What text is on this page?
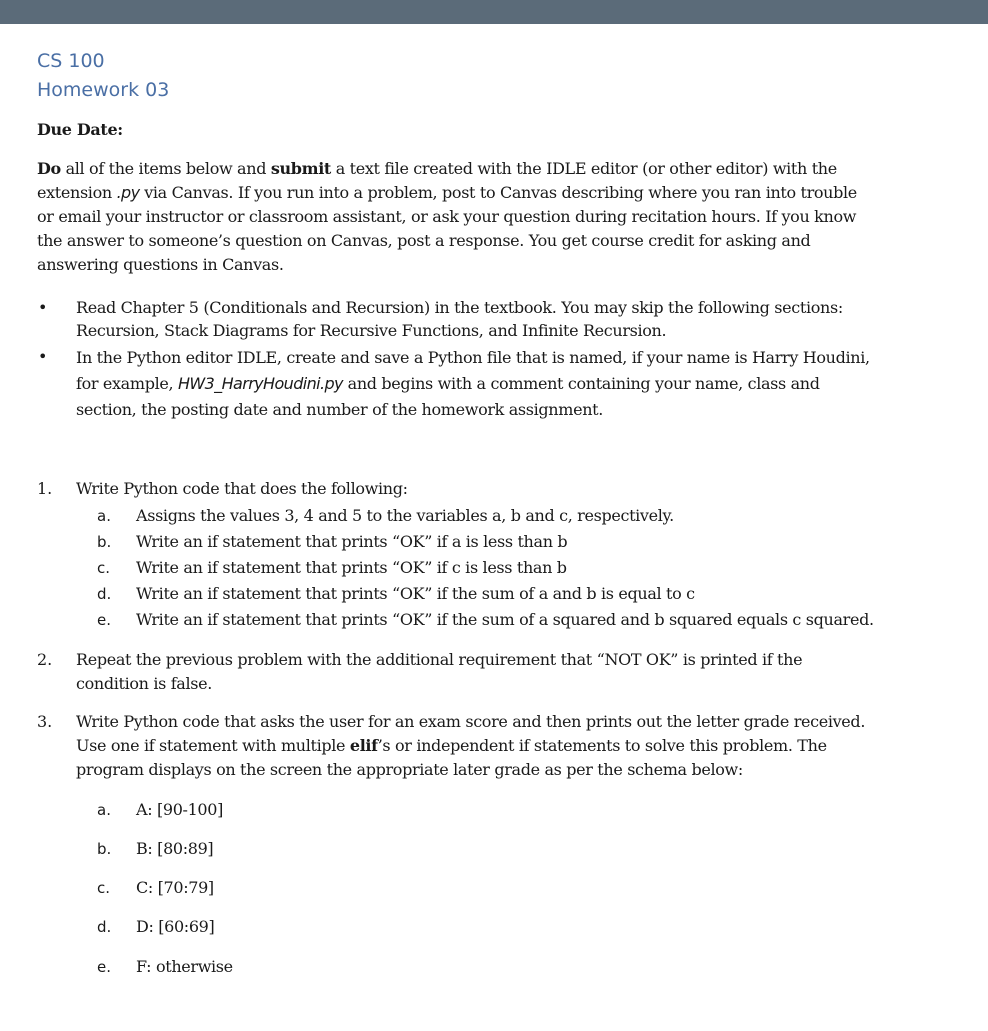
CS 100
Homework 03
Due Date:
Do all of the items below and submit a text file created with the IDLE editor (or other editor) with the
extension .py via Canvas. If you run into a problem, post to Canvas describing where you ran into trouble
or email your instructor or classroom assistant, or ask your question during recitation hours. If you know
the answer to someone’s question on Canvas, post a response. You get course credit for asking and
answering questions in Canvas.
• Read Chapter 5 (Conditionals and Recursion) in the textbook. You may skip the following sections:
Recursion, Stack Diagrams for Recursive Functions, and Infinite Recursion.
• In the Python editor IDLE, create and save a Python file that is named, if your name is Harry Houdini,
for example, HW3_HarryHoudini.py and begins with a comment containing your name, class and
section, the posting date and number of the homework assignment.
1. Write Python code that does the following:
a. Assigns the values 3, 4 and 5 to the variables a, b and c, respectively.
b. Write an if statement that prints “OK” if a is less than b
c. Write an if statement that prints “OK” if c is less than b
d. Write an if statement that prints “OK” if the sum of a and b is equal to c
e. Write an if statement that prints “OK” if the sum of a squared and b squared equals c squared.
2. Repeat the previous problem with the additional requirement that “NOT OK” is printed if the
condition is false.
3. Write Python code that asks the user for an exam score and then prints out the letter grade received.
Use one if statement with multiple elif’s or independent if statements to solve this problem. The
program displays on the screen the appropriate later grade as per the schema below:
a. A: [90-100]
b. B: [80:89]
c. C: [70:79]
d. D: [60:69]
e. F: otherwise
